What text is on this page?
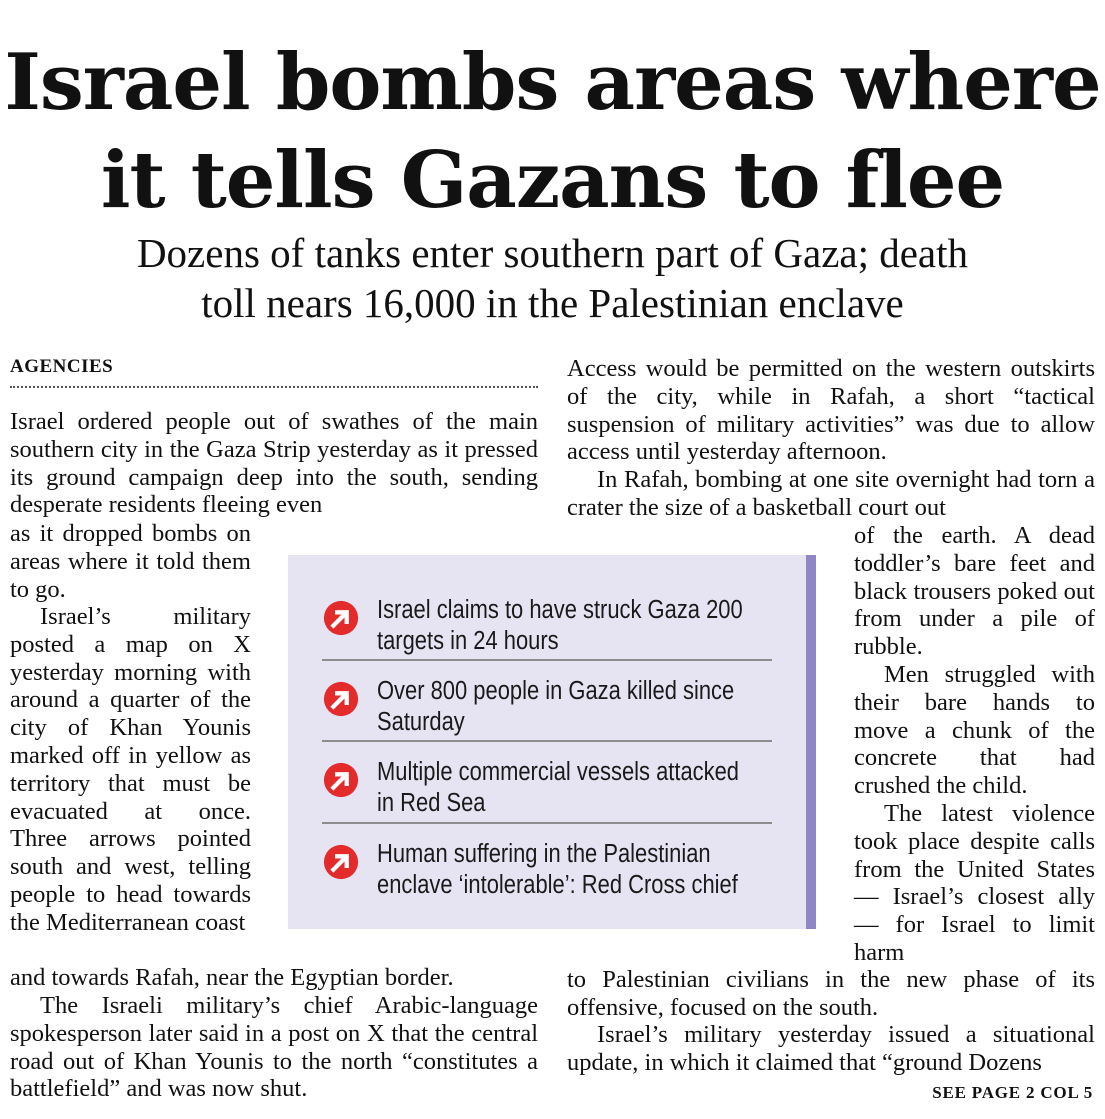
Israel bombs areas where
it tells Gazans to flee
Dozens of tanks enter southern part of Gaza; death
toll nears 16,000 in the Palestinian enclave
AGENCIES

Israel ordered people out of swathes of the main southern city in the Gaza Strip yesterday as it pressed its ground campaign deep into the south, sending desperate residents fleeing even

as it dropped bombs on areas where it told them to go.

Israel’s military posted a map on X yesterday morning with around a quarter of the city of Khan Younis marked off in yellow as territory that must be evacuated at once. Three arrows pointed south and west, telling people to head towards the Mediterranean coast

and towards Rafah, near the Egyptian border.

The Israeli military’s chief Arabic-language spokesperson later said in a post on X that the central road out of Khan Younis to the north “constitutes a battlefield” and was now shut.

Access would be permitted on the western outskirts of the city, while in Rafah, a short “tactical suspension of military activities” was due to allow access until yesterday afternoon.

In Rafah, bombing at one site overnight had torn a crater the size of a basketball court out

of the earth. A dead toddler’s bare feet and black trousers poked out from under a pile of rubble.

Men struggled with their bare hands to move a chunk of the concrete that had crushed the child.

The latest violence took place despite calls from the United States — Israel’s closest ally — for Israel to limit harm

to Palestinian civilians in the new phase of its offensive, focused on the south.

Israel’s military yesterday issued a situational update, in which it claimed that “ground Dozens

Israel claims to have struck Gaza 200
targets in 24 hours
Over 800 people in Gaza killed since
Saturday
Multiple commercial vessels attacked
in Red Sea
Human suffering in the Palestinian
enclave ‘intolerable’: Red Cross chief
SEE PAGE 2 COL 5
